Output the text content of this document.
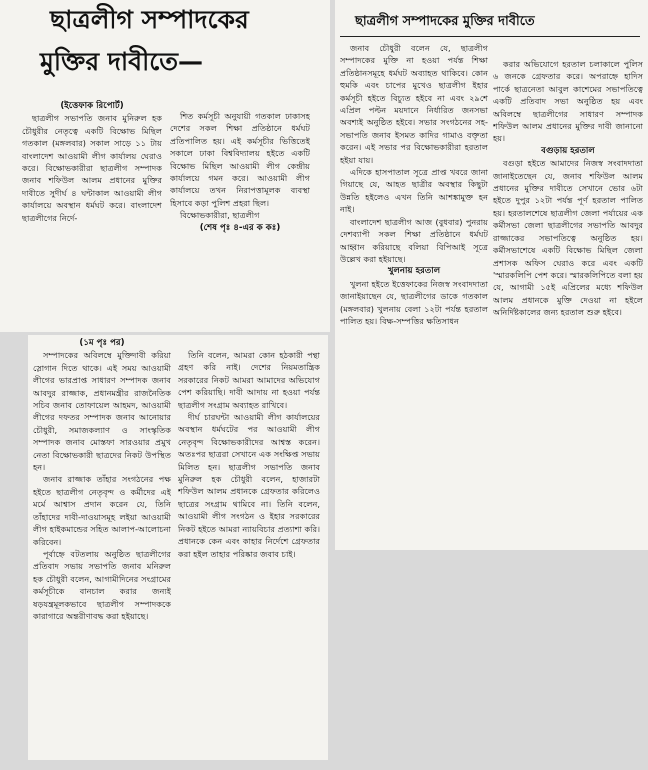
ছাত্রলীগ সম্পাদকের
মুক্তির দাবীতে—

(ইত্তেফাক রিপোর্ট)

ছাত্রলীগ সভাপতি জনাব মুনিরুল হক চৌধুরীর নেতৃত্বে একটি বিক্ষোভ মিছিল গতকাল (মঙ্গলবার) সকাল সাড়ে ১১ টায় বাংলাদেশ আওয়ামী লীগ কার্যালয় ঘেরাও করে। বিক্ষোভকারীরা ছাত্রলীগ সম্পাদক জনাব শফিউল আলম প্রধানের মুক্তির দাবীতে সুদীর্ঘ ৪ ঘন্টাকাল আওয়ামী লীগ কার্যালয়ে অবস্থান ধর্মঘট করে। বাংলাদেশ ছাত্রলীগের নির্দে-

শিত কর্মসূচী অনুযায়ী গতকাল ঢাকাসহ দেশের সকল শিক্ষা প্রতিষ্ঠানে ধর্মঘট প্রতিপালিত হয়। এই কর্মসূচীর ভিত্তিতেই সকালে ঢাকা বিশ্ববিদ্যালয় হইতে একটি বিক্ষোভ মিছিল আওয়ামী লীগ কেন্দ্রীয় কার্যালয়ে গমন করে। আওয়ামী লীগ কার্যালয়ে তখন নিরাপত্তামূলক ব্যবস্থা হিসাবে কড়া পুলিশ প্রহরা ছিল।

বিক্ষোভকারীরা, ছাত্রলীগ

(শেষ পৃঃ ৪-এর ক কঃ)

(১ম পৃঃ পর)

সম্পাদকের অবিলম্বে মুক্তিদাবী করিয়া স্লোগান দিতে থাকে। এই সময় আওয়ামী লীগের ভারপ্রাপ্ত সাধারণ সম্পাদক জনাব আবদুর রাজ্জাক, প্রধানমন্ত্রীর রাজনৈতিক সচিব জনাব তোফায়েল আহমদ, আওয়ামী লীগের দফতর সম্পাদক জনাব আনোয়ার চৌধুরী, সমাজকল্যাণ ও সাংস্কৃতিক সম্পাদক জনাব মোস্তফা সারওয়ার প্রমুখ নেতা বিক্ষোভকারী ছাত্রদের নিকট উপস্থিত হন।

জনাব রাজ্জাক তাঁহার সংগঠনের পক্ষ হইতে ছাত্রলীগ নেতৃবৃন্দ ও কর্মীদের এই মর্মে আশ্বাস প্রদান করেন যে, তিনি তাঁহাদের দাবী-দাওয়াসমূহ লইয়া আওয়ামী লীগ হাইকমান্ডের সহিত আলাপ-আলোচনা করিবেন।

পূর্বাহ্নে বটতলায় অনুষ্ঠিত ছাত্রলীগের প্রতিবাদ সভায় সভাপতি জনাব মনিরুল হক চৌধুরী বলেন, আগামীদিনের সংগ্রামের কর্মসূচীকে বানচাল করার জন্যই ষড়যন্ত্রমূলকভাবে ছাত্রলীগ সম্পাদককে কারাগারে অন্তরীণাবদ্ধ করা হইয়াছে।

তিনি বলেন, আমরা কোন হঠকারী পন্থা গ্রহণ করি নাই। দেশের নিয়মতান্ত্রিক সরকারের নিকট আমরা আমাদের অভিযোগ পেশ করিয়াছি। দাবী আদায় না হওয়া পর্যন্ত ছাত্রলীগ সংগ্রাম অব্যাহত রাখিবে।

দীর্ঘ চারঘন্টা আওয়ামী লীগ কার্যালয়ের অবস্থান ধর্মঘটের পর আওয়ামী লীগ নেতৃবৃন্দ বিক্ষোভকারীদের আশ্বস্ত করেন। অতঃপর ছাত্ররা সেখানে এক সংক্ষিপ্ত সভায় মিলিত হন। ছাত্রলীগ সভাপতি জনাব মুনিরুল হক চৌধুরী বলেন, হাজারটা শফিউল আলম প্রধানকে গ্রেফতার করিলেও ছাত্রের সংগ্রাম থামিবে না। তিনি বলেন, আওয়ামী লীগ সংগঠন ও ইহার সরকারের নিকট হইতে আমরা ন্যায়বিচার প্রত্যাশা করি। প্রধানকে কেন এবং কাহার নির্দেশে গ্রেফতার করা হইল তাহার পরিষ্কার জবাব চাই।

ছাত্রলীগ সম্পাদকের মুক্তির দাবীতে

জনাব চৌধুরী বলেন যে, ছাত্রলীগ সম্পাদকের মুক্তি না হওয়া পর্যন্ত শিক্ষা প্রতিষ্ঠানসমূহে ধর্মঘট অব্যাহত থাকিবে। কোন হুমকি এবং চাপের মুখেও ছাত্রলীগ ইহার কর্মসূচী হইতে বিচ্যুত হইবে না এবং ২৯শে এপ্রিল পল্টন ময়দানে নির্ধারিত জনসভা অবশ্যই অনুষ্ঠিত হইবে। সভার সংগঠনের সহ-সভাপতি জনাব ইসমত কাদির গামাও বক্তৃতা করেন। এই সভার পর বিক্ষোভকারীরা হরতাল হইয়া যায়।

এদিকে হাসপাতাল সূত্রে প্রাপ্ত খবরে জানা গিয়াছে যে, আহত ছাত্রীর অবস্থার কিছুটা উন্নতি হইলেও এখন তিনি আশঙ্কামুক্ত হন নাই।

বাংলাদেশ ছাত্রলীগ আজ (বুধবার) পুনরায় দেশব্যাপী সকল শিক্ষা প্রতিষ্ঠানে ধর্মঘট আহ্বান করিয়াছে বলিয়া বিপিআই সূত্রে উল্লেখ করা হইয়াছে।

খুলনায় হরতাল

খুলনা হইতে ইত্তেফাকের নিজস্ব সংবাদদাতা জানাইয়াছেন যে, ছাত্রলীগের ডাকে গতকাল (মঙ্গলবার) খুলনায় বেলা ১২টা পর্যন্ত হরতাল পালিত হয়। বিক্ষ-সম্পত্তির ক্ষতিসাধন

করার অভিযোগে হরতাল চলাকালে পুলিস ৬ জনকে গ্রেফতার করে। অপরাহ্নে হাদিস পার্কে ছাত্রনেতা আবুল কাশেমের সভাপতিত্বে একটি প্রতিবাদ সভা অনুষ্ঠিত হয় এবং অবিলম্বে ছাত্রলীগের সাধারণ সম্পাদক শফিউল আলম প্রধানের মুক্তির দাবী জানানো হয়।

বগুড়ায় হরতাল

বগুড়া হইতে আমাদের নিজস্ব সংবাদদাতা জানাইতেছেন যে, জনাব শফিউল আলম প্রধানের মুক্তির দাবীতে সেখানে ভোর ৬টা হইতে দুপুর ১২টা পর্যন্ত পূর্ণ হরতাল পালিত হয়। হরতালশেষে ছাত্রলীগ জেলা পর্যায়ের এক কর্মীসভা জেলা ছাত্রলীগের সভাপতি আবদুর রাজ্জাকের সভাপতিত্বে অনুষ্ঠিত হয়। কর্মীসভাশেষে একটি বিক্ষোভ মিছিল জেলা প্রশাসক অফিস ঘেরাও করে এবং একটি 'স্মারকলিপি পেশ করে। স্মারকলিপিতে বলা হয় যে, আগামী ১৫ই এপ্রিলের মধ্যে শফিউল আলম প্রধানকে মুক্তি দেওয়া না হইলে অনির্দিষ্টকালের জন্য হরতাল শুরু হইবে।
